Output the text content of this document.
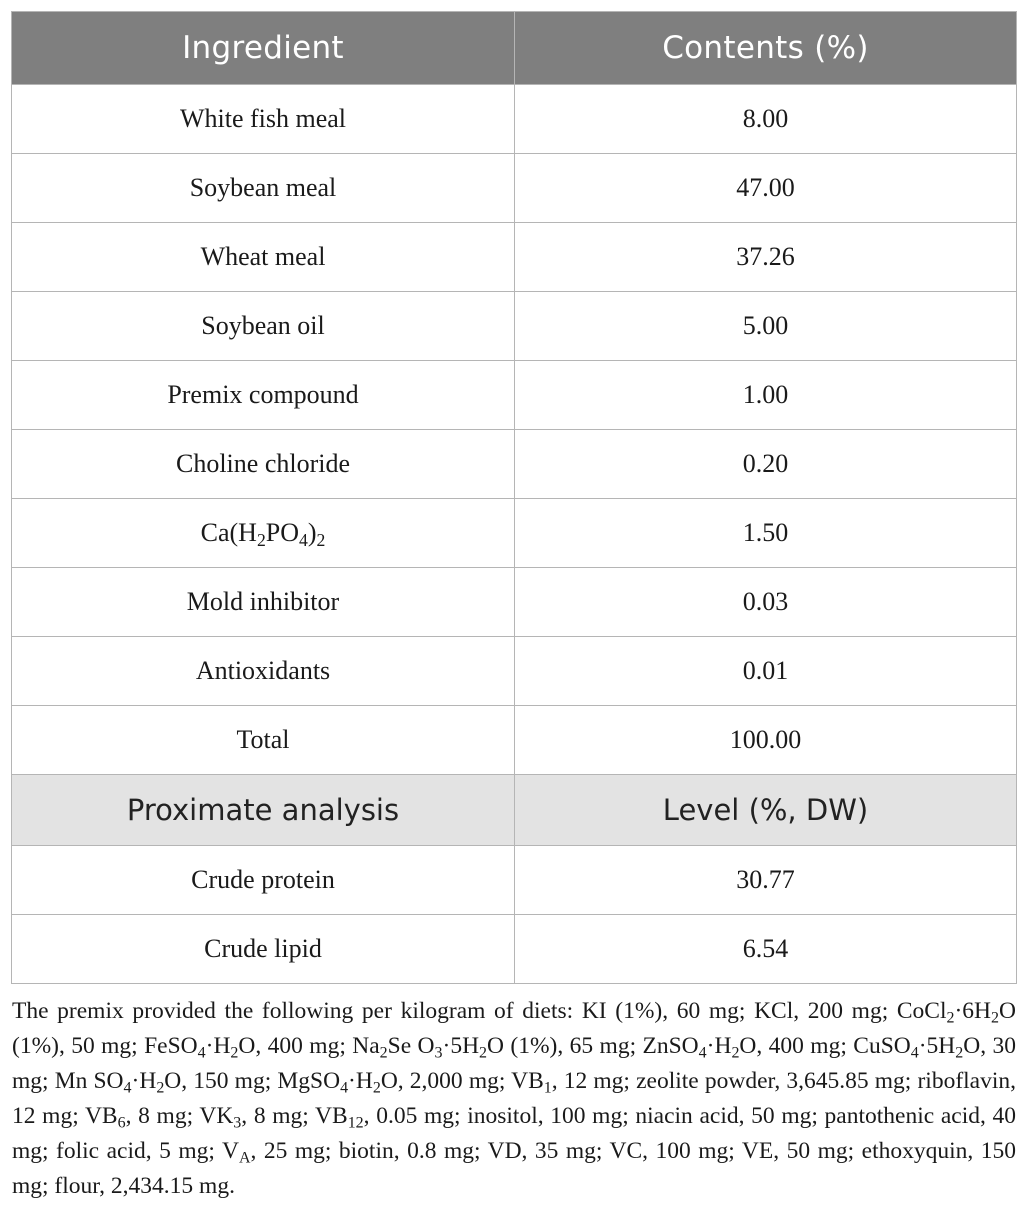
Ingredient	Contents (%)
White fish meal	8.00
Soybean meal	47.00
Wheat meal	37.26
Soybean oil	5.00
Premix compound	1.00
Choline chloride	0.20
$Ca(H_2PO_4)_2$	1.50
Mold inhibitor	0.03
Antioxidants	0.01
Total	100.00
Proximate analysis	Level (%, DW)
Crude protein	30.77
Crude lipid	6.54

The premix provided the following per kilogram of diets: KI (1%), 60 mg; KCl, 200 mg; $CoCl_2\cdot 6H_2O$ (1%), 50 mg; $FeSO_4\cdot H_2O$, 400 mg; $Na_2Se$ $O_3\cdot 5H_2O$ (1%), 65 mg; $ZnSO_4\cdot H_2O$, 400 mg; $CuSO_4\cdot 5H_2O$, 30 mg; Mn $SO_4\cdot H_2O$, 150 mg; $MgSO_4\cdot H_2O$, 2,000 mg; $VB_1$, 12 mg; zeolite powder, 3,645.85 mg; riboflavin, 12 mg; $VB_6$, 8 mg; $VK_3$, 8 mg; $VB_{12}$, 0.05 mg; inositol, 100 mg; niacin acid, 50 mg; pantothenic acid, 40 mg; folic acid, 5 mg; $V_A$, 25 mg; biotin, 0.8 mg; VD, 35 mg; VC, 100 mg; VE, 50 mg; ethoxyquin, 150 mg; flour, 2,434.15 mg.
